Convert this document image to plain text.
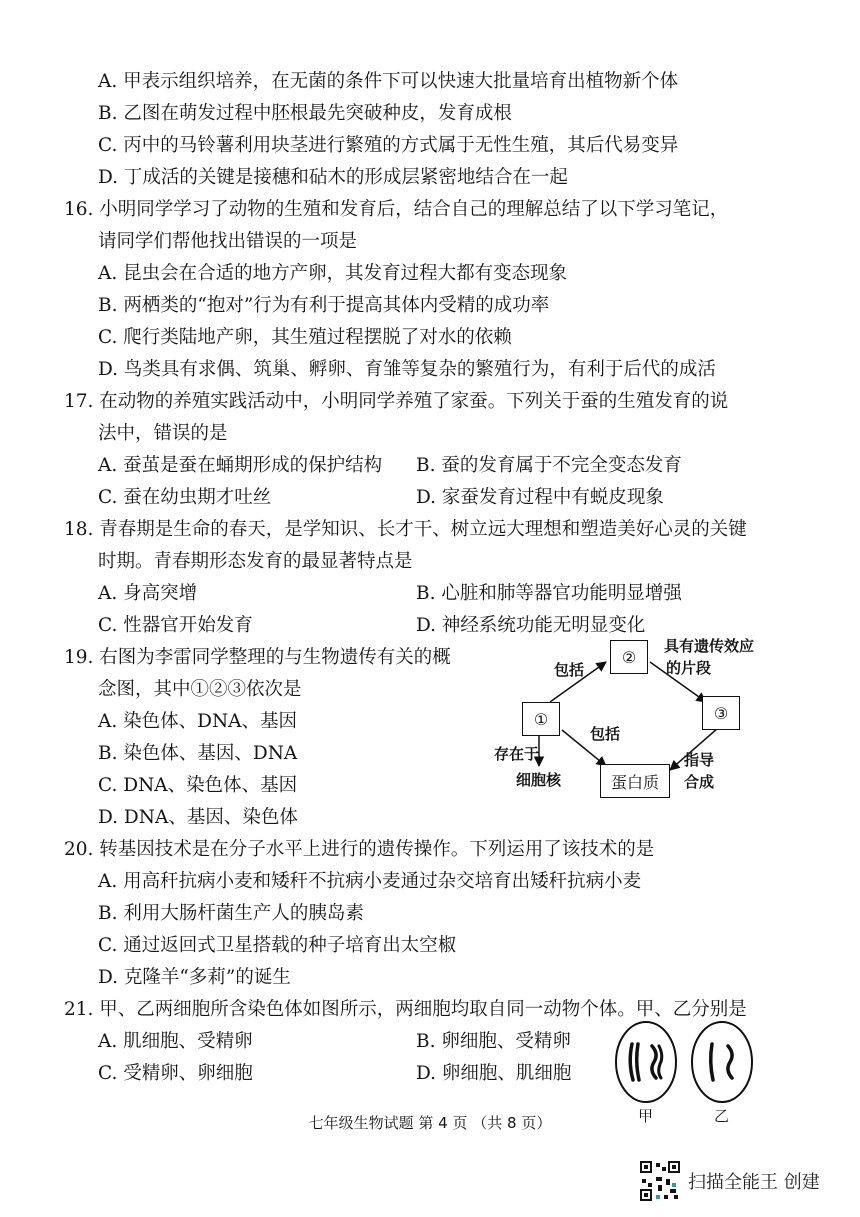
A. 甲表示组织培养，在无菌的条件下可以快速大批量培育出植物新个体
B. 乙图在萌发过程中胚根最先突破种皮，发育成根
C. 丙中的马铃薯利用块茎进行繁殖的方式属于无性生殖，其后代易变异
D. 丁成活的关键是接穗和砧木的形成层紧密地结合在一起
16. 小明同学学习了动物的生殖和发育后，结合自己的理解总结了以下学习笔记，
请同学们帮他找出错误的一项是
A. 昆虫会在合适的地方产卵，其发育过程大都有变态现象
B. 两栖类的“抱对”行为有利于提高其体内受精的成功率
C. 爬行类陆地产卵，其生殖过程摆脱了对水的依赖
D. 鸟类具有求偶、筑巢、孵卵、育雏等复杂的繁殖行为，有利于后代的成活
17. 在动物的养殖实践活动中，小明同学养殖了家蚕。下列关于蚕的生殖发育的说
法中，错误的是
A. 蚕茧是蚕在蛹期形成的保护结构 B. 蚕的发育属于不完全变态发育
C. 蚕在幼虫期才吐丝	D. 家蚕发育过程中有蜕皮现象
18. 青春期是生命的春天，是学知识、长才干、树立远大理想和塑造美好心灵的关键
时期。青春期形态发育的最显著特点是
A. 身高突增	B. 心脏和肺等器官功能明显增强
C. 性器官开始发育	D. 神经系统功能无明显变化
19. 右图为李雷同学整理的与生物遗传有关的概
念图，其中①②③依次是
A. 染色体、DNA、基因
B. 染色体、基因、DNA
C. DNA、染色体、基因
D. DNA、基因、染色体
②
①	③
蛋白质
包括
包括
具有遗传效应
的片段
存在于
细胞核
指导
合成
20. 转基因技术是在分子水平上进行的遗传操作。下列运用了该技术的是
A. 用高秆抗病小麦和矮秆不抗病小麦通过杂交培育出矮秆抗病小麦
B. 利用大肠杆菌生产人的胰岛素
C. 通过返回式卫星搭载的种子培育出太空椒
D. 克隆羊“多莉”的诞生
21. 甲、乙两细胞所含染色体如图所示，两细胞均取自同一动物个体。甲、乙分别是
A. 肌细胞、受精卵	B. 卵细胞、受精卵
C. 受精卵、卵细胞	D. 卵细胞、肌细胞
甲	乙
七年级生物试题 第 4 页 （共 8 页）
扫描全能王 创建
